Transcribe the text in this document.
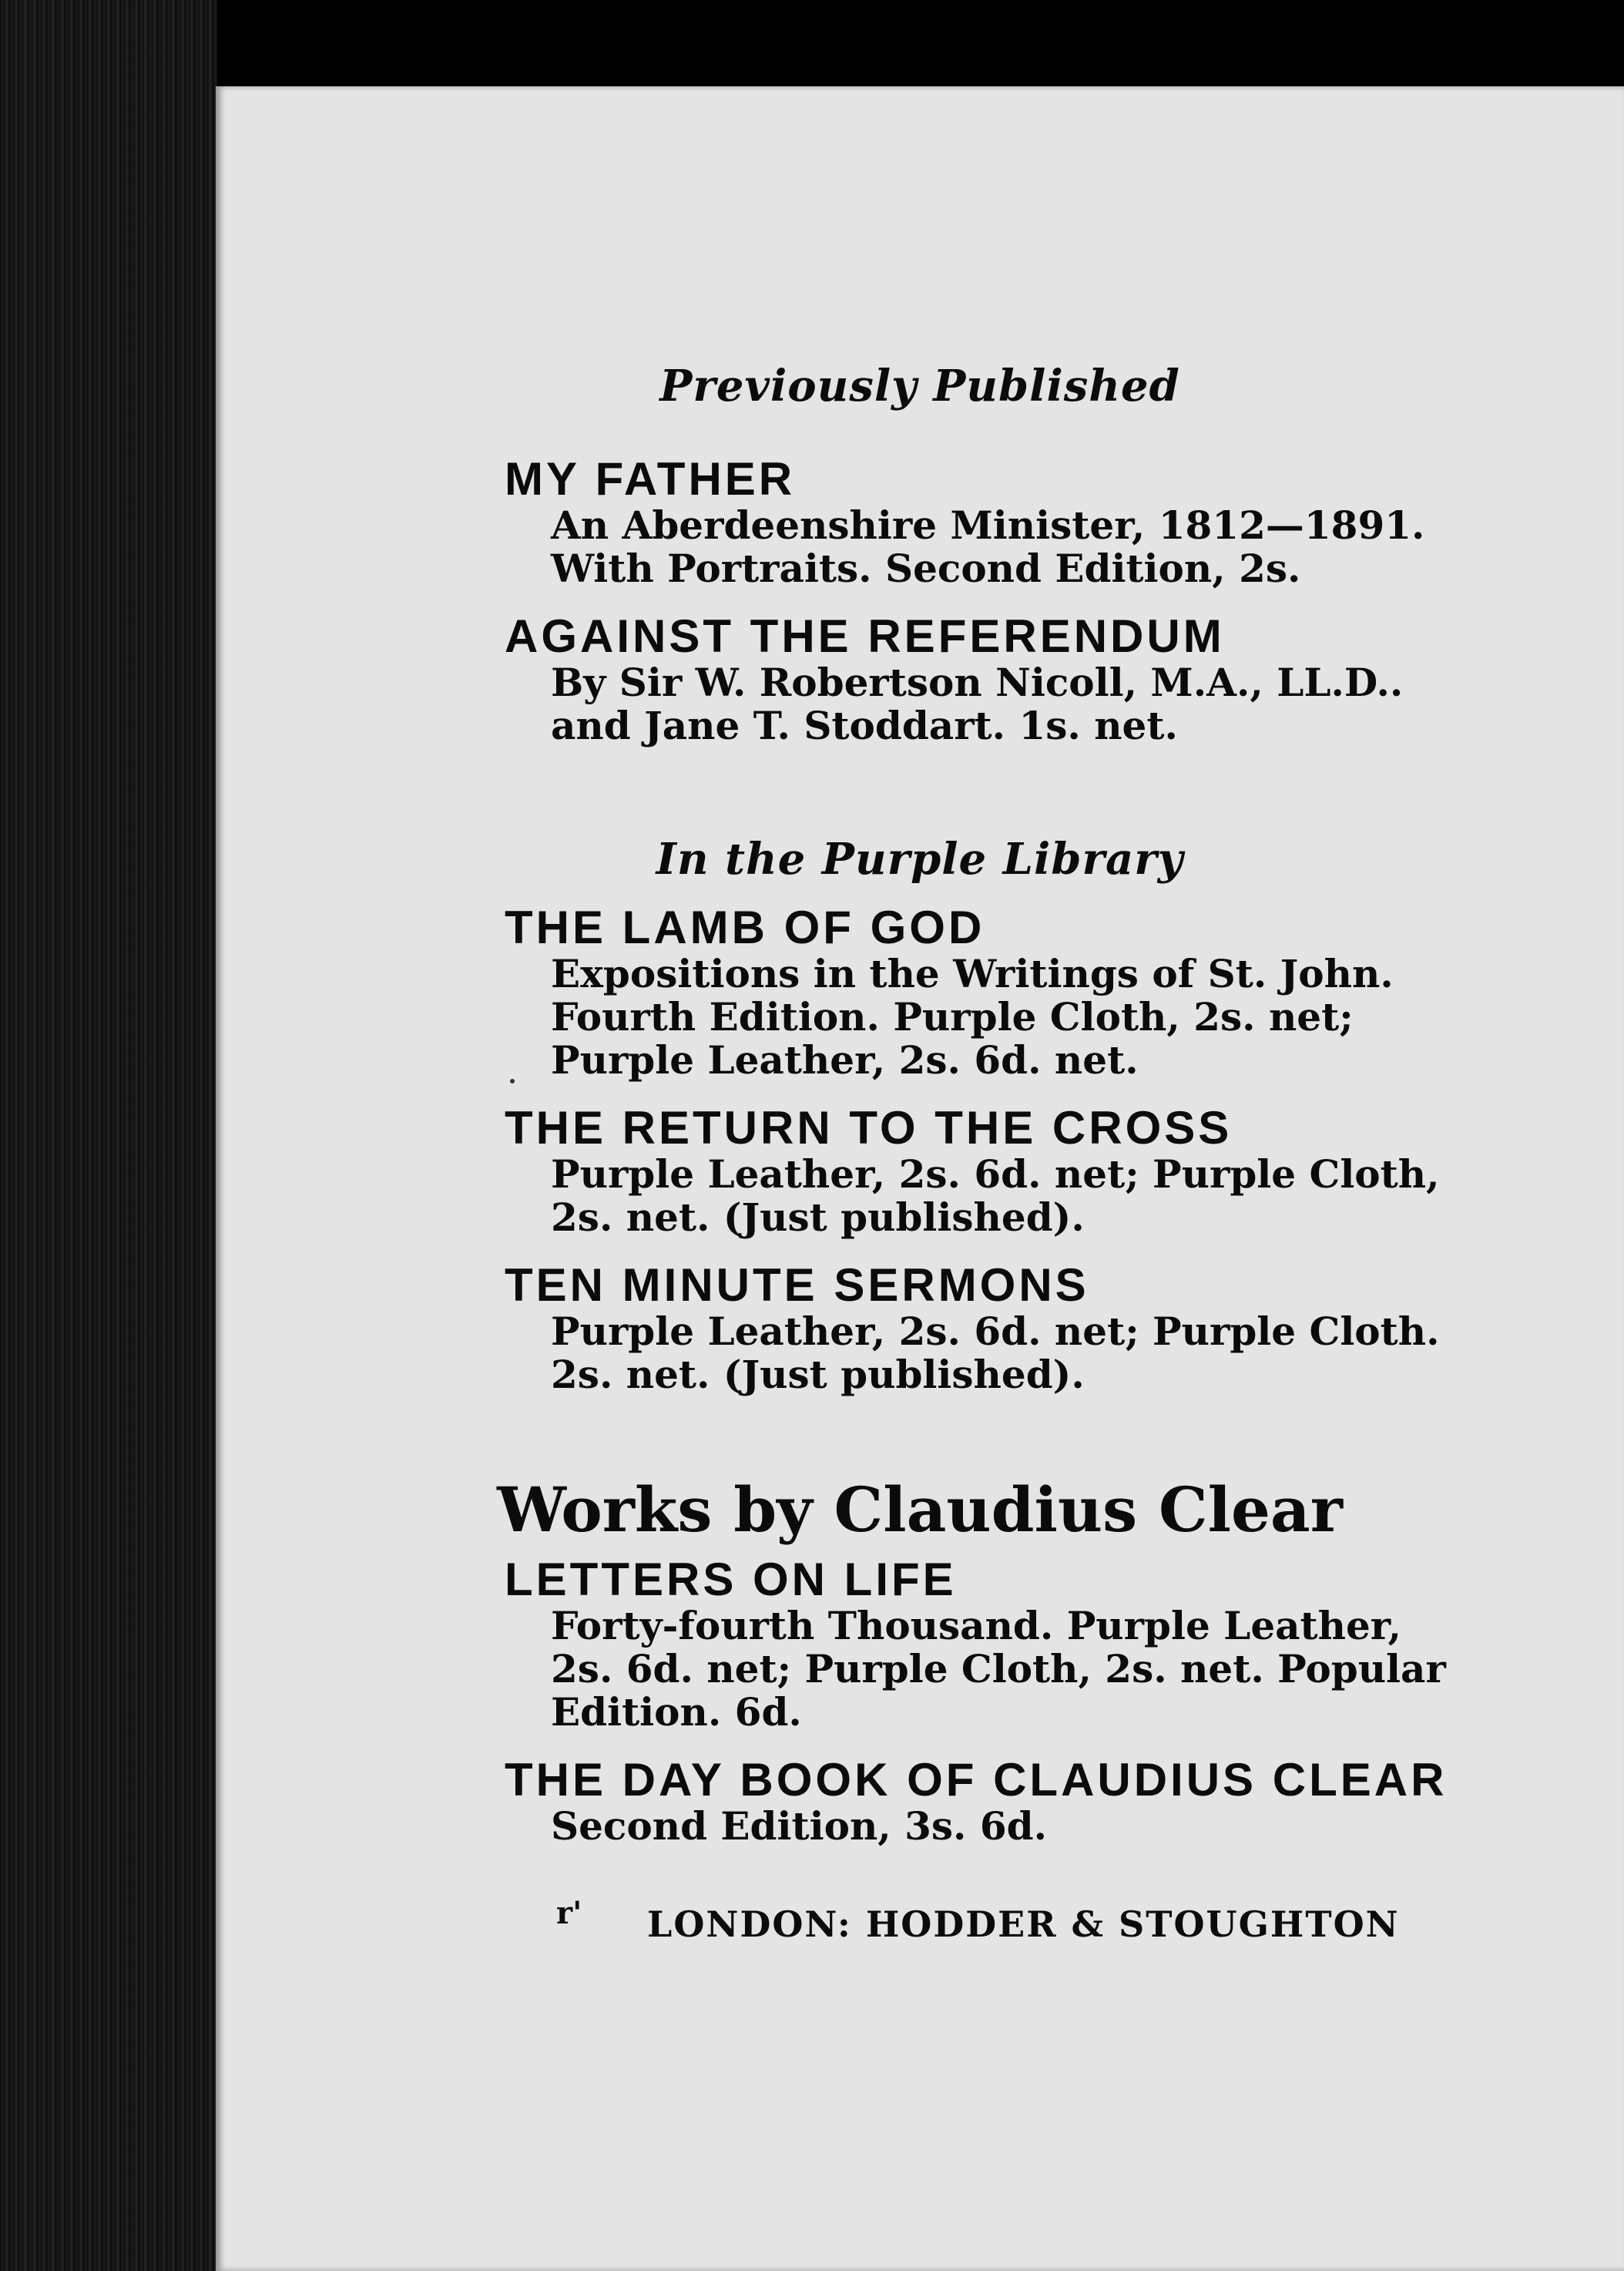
Previously Published
MY FATHER
An Aberdeenshire Minister, 1812—1891.
With Portraits. Second Edition, 2s.
AGAINST THE REFERENDUM
By Sir W. Robertson Nicoll, M.A., LL.D..
and Jane T. Stoddart. 1s. net.
In the Purple Library
THE LAMB OF GOD
Expositions in the Writings of St. John.
Fourth Edition. Purple Cloth, 2s. net;
Purple Leather, 2s. 6d. net.
THE RETURN TO THE CROSS
Purple Leather, 2s. 6d. net; Purple Cloth,
2s. net. (Just published).
TEN MINUTE SERMONS
Purple Leather, 2s. 6d. net; Purple Cloth.
2s. net. (Just published).
Works by Claudius Clear
LETTERS ON LIFE
Forty-fourth Thousand. Purple Leather,
2s. 6d. net; Purple Cloth, 2s. net. Popular
Edition. 6d.
THE DAY BOOK OF CLAUDIUS CLEAR
Second Edition, 3s. 6d.
r' LONDON: HODDER & STOUGHTON
